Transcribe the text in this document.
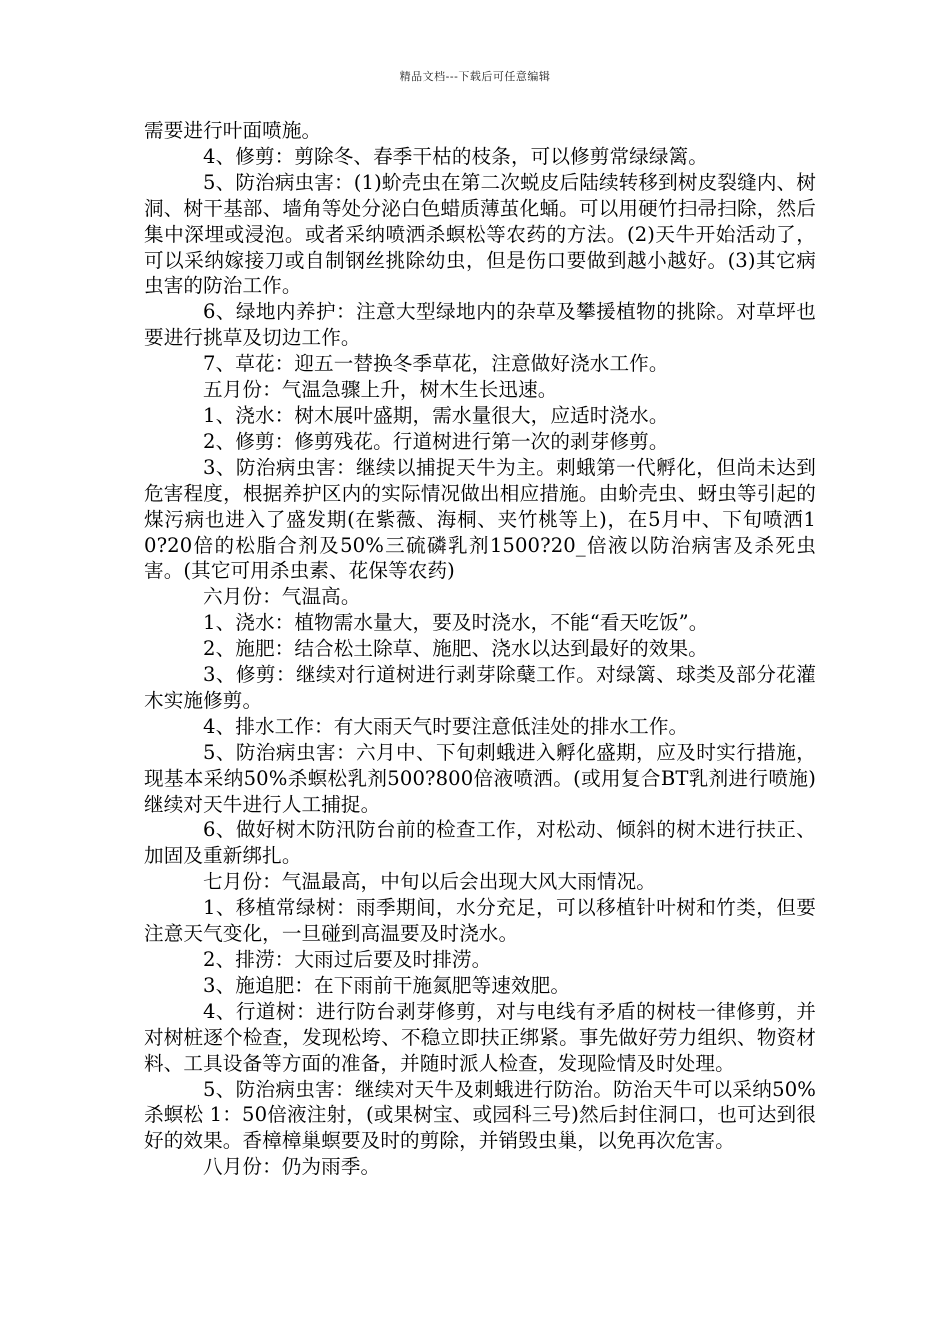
精品文档---下载后可任意编辑

需要进行叶面喷施。

4、修剪：剪除冬、春季干枯的枝条，可以修剪常绿绿篱。

5、防治病虫害：(1)蚧壳虫在第二次蜕皮后陆续转移到树皮裂缝内、树洞、树干基部、墙角等处分泌白色蜡质薄茧化蛹。可以用硬竹扫帚扫除，然后集中深埋或浸泡。或者采纳喷洒杀螟松等农药的方法。(2)天牛开始活动了，可以采纳嫁接刀或自制钢丝挑除幼虫，但是伤口要做到越小越好。(3)其它病虫害的防治工作。

6、绿地内养护：注意大型绿地内的杂草及攀援植物的挑除。对草坪也要进行挑草及切边工作。

7、草花：迎五一替换冬季草花，注意做好浇水工作。

五月份：气温急骤上升，树木生长迅速。

1、浇水：树木展叶盛期，需水量很大，应适时浇水。

2、修剪：修剪残花。行道树进行第一次的剥芽修剪。

3、防治病虫害：继续以捕捉天牛为主。刺蛾第一代孵化，但尚未达到危害程度，根据养护区内的实际情况做出相应措施。由蚧壳虫、蚜虫等引起的煤污病也进入了盛发期(在紫薇、海桐、夹竹桃等上)，在5月中、下旬喷洒10?20倍的松脂合剂及50%三硫磷乳剂1500?20_倍液以防治病害及杀死虫害。(其它可用杀虫素、花保等农药)

六月份：气温高。

1、浇水：植物需水量大，要及时浇水，不能“看天吃饭”。

2、施肥：结合松土除草、施肥、浇水以达到最好的效果。

3、修剪：继续对行道树进行剥芽除蘖工作。对绿篱、球类及部分花灌木实施修剪。

4、排水工作：有大雨天气时要注意低洼处的排水工作。

5、防治病虫害：六月中、下旬刺蛾进入孵化盛期，应及时实行措施，现基本采纳50%杀螟松乳剂500?800倍液喷洒。(或用复合BT乳剂进行喷施)继续对天牛进行人工捕捉。

6、做好树木防汛防台前的检查工作，对松动、倾斜的树木进行扶正、加固及重新绑扎。

七月份：气温最高，中旬以后会出现大风大雨情况。

1、移植常绿树：雨季期间，水分充足，可以移植针叶树和竹类，但要注意天气变化，一旦碰到高温要及时浇水。

2、排涝：大雨过后要及时排涝。

3、施追肥：在下雨前干施氮肥等速效肥。

4、行道树：进行防台剥芽修剪，对与电线有矛盾的树枝一律修剪，并对树桩逐个检查，发现松垮、不稳立即扶正绑紧。事先做好劳力组织、物资材料、工具设备等方面的准备，并随时派人检查，发现险情及时处理。

5、防治病虫害：继续对天牛及刺蛾进行防治。防治天牛可以采纳50%杀螟松 1：50倍液注射，(或果树宝、或园科三号)然后封住洞口，也可达到很好的效果。香樟樟巢螟要及时的剪除，并销毁虫巢，以免再次危害。

八月份：仍为雨季。
